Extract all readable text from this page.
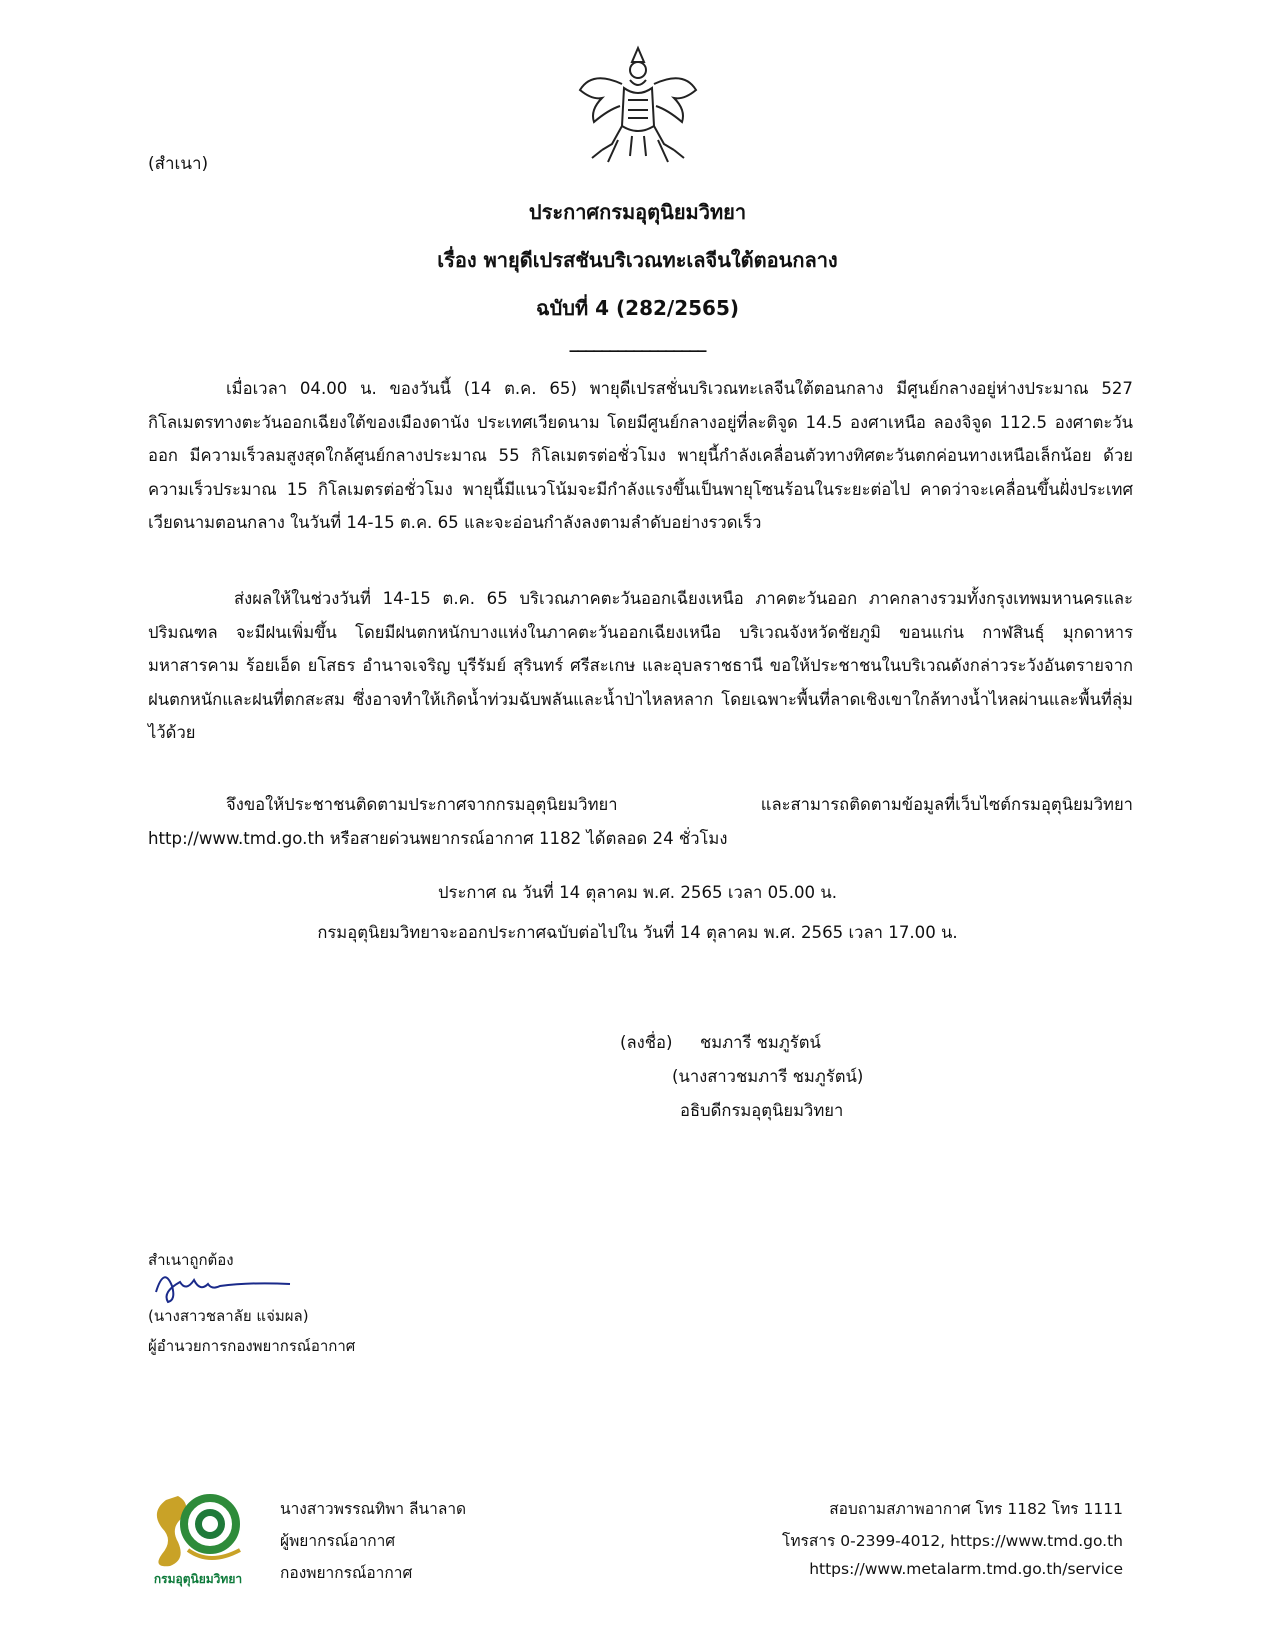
(สำเนา)
ประกาศกรมอุตุนิยมวิทยา
เรื่อง พายุดีเปรสชันบริเวณทะเลจีนใต้ตอนกลาง
ฉบับที่ 4 (282/2565)
_________________
เมื่อเวลา 04.00 น. ของวันนี้ (14 ต.ค. 65) พายุดีเปรสชั่นบริเวณทะเลจีนใต้ตอนกลาง มีศูนย์กลางอยู่ห่างประมาณ 527 กิโลเมตรทางตะวันออกเฉียงใต้ของเมืองดานัง ประเทศเวียดนาม โดยมีศูนย์กลางอยู่ที่ละติจูด 14.5 องศาเหนือ ลองจิจูด 112.5 องศาตะวันออก มีความเร็วลมสูงสุดใกล้ศูนย์กลางประมาณ 55 กิโลเมตรต่อชั่วโมง พายุนี้กำลังเคลื่อนตัวทางทิศตะวันตกค่อนทางเหนือเล็กน้อย ด้วยความเร็วประมาณ 15 กิโลเมตรต่อชั่วโมง พายุนี้มีแนวโน้มจะมีกำลังแรงขึ้นเป็นพายุโซนร้อนในระยะต่อไป คาดว่าจะเคลื่อนขึ้นฝั่งประเทศเวียดนามตอนกลาง ในวันที่ 14-15 ต.ค. 65 และจะอ่อนกำลังลงตามลำดับอย่างรวดเร็ว
ส่งผลให้ในช่วงวันที่ 14-15 ต.ค. 65 บริเวณภาคตะวันออกเฉียงเหนือ ภาคตะวันออก ภาคกลางรวมทั้งกรุงเทพมหานครและปริมณฑล จะมีฝนเพิ่มขึ้น โดยมีฝนตกหนักบางแห่งในภาคตะวันออกเฉียงเหนือ บริเวณจังหวัดชัยภูมิ ขอนแก่น กาฬสินธุ์ มุกดาหาร มหาสารคาม ร้อยเอ็ด ยโสธร อำนาจเจริญ บุรีรัมย์ สุรินทร์ ศรีสะเกษ และอุบลราชธานี ขอให้ประชาชนในบริเวณดังกล่าวระวังอันตรายจากฝนตกหนักและฝนที่ตกสะสม ซึ่งอาจทำให้เกิดน้ำท่วมฉับพลันและน้ำป่าไหลหลาก โดยเฉพาะพื้นที่ลาดเชิงเขาใกล้ทางน้ำไหลผ่านและพื้นที่ลุ่มไว้ด้วย
จึงขอให้ประชาชนติดตามประกาศจากกรมอุตุนิยมวิทยา และสามารถติดตามข้อมูลที่เว็บไซต์กรมอุตุนิยมวิทยา http://www.tmd.go.th หรือสายด่วนพยากรณ์อากาศ 1182 ได้ตลอด 24 ชั่วโมง
ประกาศ ณ วันที่ 14 ตุลาคม พ.ศ. 2565 เวลา 05.00 น.
กรมอุตุนิยมวิทยาจะออกประกาศฉบับต่อไปใน วันที่ 14 ตุลาคม พ.ศ. 2565 เวลา 17.00 น.
(ลงชื่อ) ชมภารี ชมภูรัตน์
(นางสาวชมภารี ชมภูรัตน์)
อธิบดีกรมอุตุนิยมวิทยา
สำเนาถูกต้อง
(นางสาวชลาลัย แจ่มผล)
ผู้อำนวยการกองพยากรณ์อากาศ
กรมอุตุนิยมวิทยา
นางสาวพรรณทิพา ลีนาลาด
ผู้พยากรณ์อากาศ
กองพยากรณ์อากาศ
สอบถามสภาพอากาศ โทร 1182 โทร 1111
โทรสาร 0-2399-4012, https://www.tmd.go.th
https://www.metalarm.tmd.go.th/service
